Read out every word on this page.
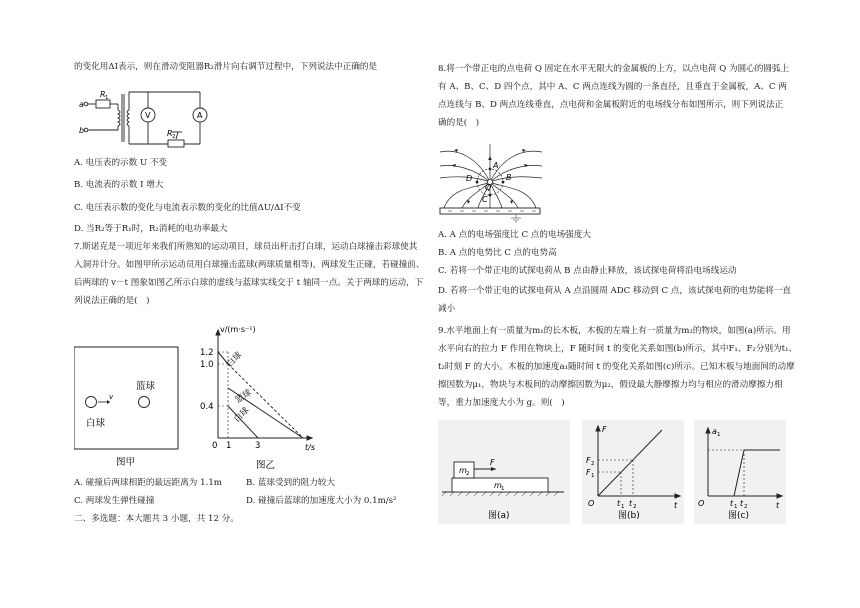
的变化用ΔI表示，则在滑动变阻器R₂滑片向右调节过程中，下列说法中正确的是

a
b
R 1
V	A
R 2

A. 电压表的示数 U 不变

B. 电流表的示数 I 增大

C. 电压表示数的变化与电流表示数的变化的比值ΔU/ΔI不变

D. 当R₂等于R₁时，R₂消耗的电功率最大

7.斯诺克是一项近年来我们所熟知的运动项目，球员出杆击打白球，运动白球撞击彩球使其
入洞并计分。如图甲所示运动员用白球撞击蓝球(两球质量相等)，两球发生正碰，若碰撞前、
后两球的 v－t 图象如图乙所示白球的虚线与蓝球实线交于 t 轴同一点。关于两球的运动，下
列说法正确的是(　)
v
篮球
白球
图甲
v/(m·s⁻¹)
t/s
1.2
1.0
0.4
0 1	3
白球
篮球
白球
图乙

A. 碰撞后两球相距的最远距离为 1.1m	B. 蓝球受到的阻力较大

C. 两球发生弹性碰撞	D. 碰撞后蓝球的加速度大小为 0.1m/s²

二、多选题：本大题共 3 小题，共 12 分。

8.将一个带正电的点电荷 Q 固定在水平无限大的金属板的上方，以点电荷 Q 为圆心的圆弧上
有 A、B、C、D 四个点，其中 A、C 两点连线为圆的一条直径，且垂直于金属板，A、C 两
点连线与 B、D 两点连线垂直，点电荷和金属板附近的电场线分布如图所示，则下列说法正
确的是(　)
A
B
C
D
Q

A. A 点的电场强度比 C 点的电场强度大

B. A 点的电势比 C 点的电势高

C. 若将一个带正电的试探电荷从 B 点由静止释放，该试探电荷将沿电场线运动

D. 若将一个带正电的试探电荷从 A 点沿圆周 ADC 移动到 C 点，该试探电荷的电势能将一直

减小

9.水平地面上有一质量为m₁的长木板，木板的左端上有一质量为m₂的物块，如图(a)所示。用
水平向右的拉力 F 作用在物块上，F 随时间 t 的变化关系如图(b)所示，其中F₁、F₂分别为t₁、
t₂时刻 F 的大小。木板的加速度a₁随时间 t 的变化关系如图(c)所示。已知木板与地面间的动摩
擦因数为μ₁，物块与木板间的动摩擦因数为μ₂，假设最大静摩擦力均与相应的滑动摩擦力相
等，重力加速度大小为 g。则(　)
m 2
m 1
F
图(a)
F
t
F 2
F 1
O	t 1 t 2
图(b)
a 1
t
O	t 1 t 2
图(c)
